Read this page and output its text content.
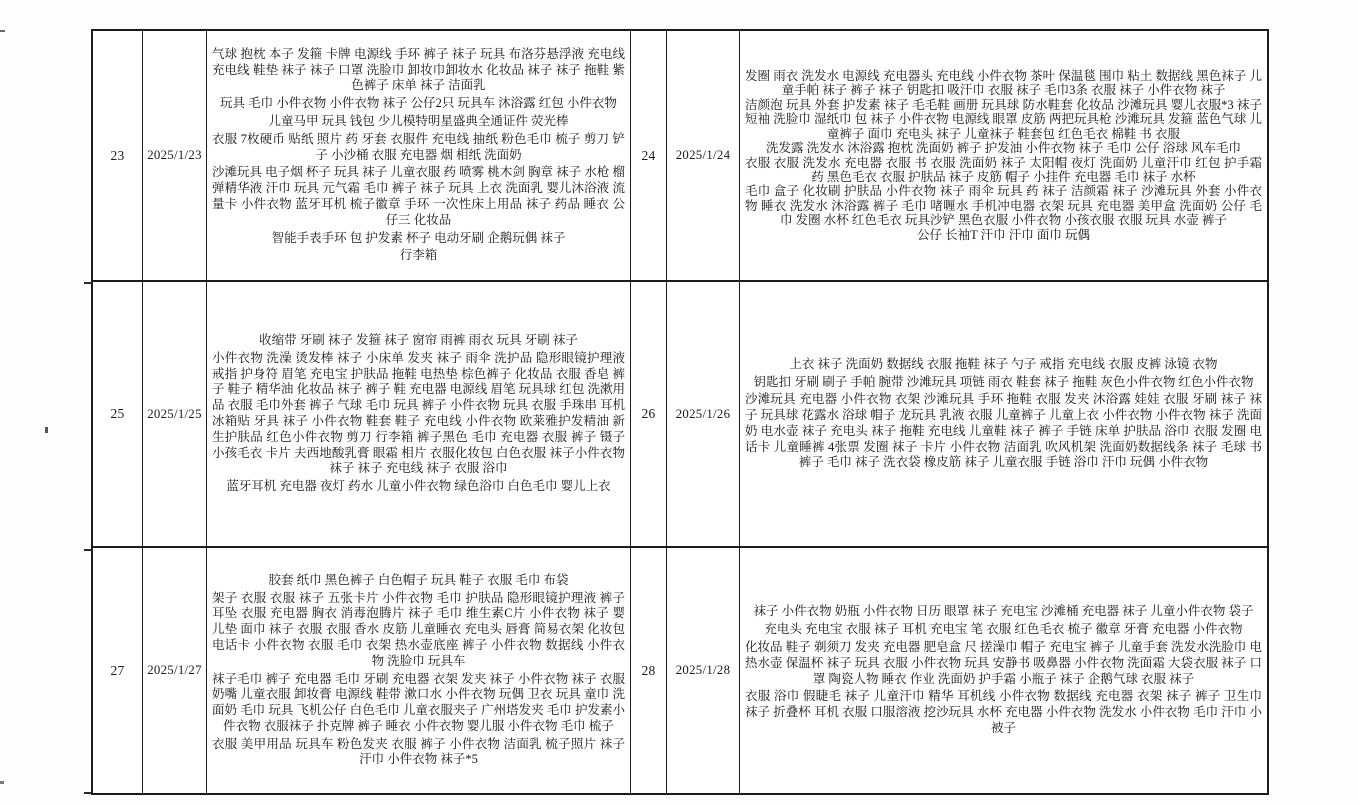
23 2025/1/23

气球 抱枕 本子 发箍 卡牌 电源线 手环 裤子 袜子 玩具 布洛芬悬浮液 充电线 充电线 鞋垫 袜子 袜子 口罩 洗脸巾 卸妆巾卸妆水 化妆品 袜子 袜子 拖鞋 紫色裤子 床单 袜子 洁面乳

玩具 毛巾 小件衣物 小件衣物 袜子 公仔2只 玩具车 沐浴露 红包 小件衣物

儿童马甲 玩具 钱包 少儿模特明星盛典全通证件 荧光棒

衣服 7枚硬币 贴纸 照片 药 牙套 衣服件 充电线 抽纸 粉色毛巾 梳子 剪刀 铲子 小沙桶 衣服 充电器 烟 相纸 洗面奶

沙滩玩具 电子烟 杯子 玩具 袜子 儿童衣服 药 喷雾 桃木剑 胸章 袜子 水枪 榴弹精华液 汗巾 玩具 元气霜 毛巾 裤子 袜子 玩具 上衣 洗面乳 婴儿沐浴液 流量卡 小件衣物 蓝牙耳机 梳子徽章 手环 一次性床上用品 袜子 药品 睡衣 公仔三 化妆品

智能手表手环 包 护发素 杯子 电动牙刷 企鹅玩偶 袜子

行李箱

24 2025/1/24

发圈 雨衣 洗发水 电源线 充电器头 充电线 小件衣物 茶叶 保温毯 围巾 粘土 数据线 黑色袜子 儿童手帕 袜子 裤子 袜子 钥匙扣 吸汗巾 衣服 袜子 毛巾3条 衣服 袜子 小件衣物 袜子

洁颜泡 玩具 外套 护发素 袜子 毛毛鞋 画册 玩具球 防水鞋套 化妆品 沙滩玩具 婴儿衣服*3 袜子 短袖 洗脸巾 湿纸巾 包 袜子 小件衣物 电源线 眼罩 皮筋 两把玩具枪 沙滩玩具 发箍 蓝色气球 儿童裤子 面巾 充电头 袜子 儿童袜子 鞋套包 红色毛衣 棉鞋 书 衣服

洗发露 洗发水 沐浴露 抱枕 洗面奶 裤子 护发油 小件衣物 袜子 毛巾 公仔 浴球 风车毛巾

衣服 衣服 洗发水 充电器 衣服 书 衣服 洗面奶 袜子 太阳帽 夜灯 洗面奶 儿童汗巾 红包 护手霜 药 黑色毛衣 衣服 护肤品 袜子 皮筋 帽子 小挂件 充电器 毛巾 袜子 水杯

毛巾 盒子 化妆刷 护肤品 小件衣物 袜子 雨伞 玩具 药 袜子 洁颜霜 袜子 沙滩玩具 外套 小件衣物 睡衣 洗发水 沐浴露 裤子 毛巾 啫喱水 手机冲电器 衣架 玩具 充电器 美甲盒 洗面奶 公仔 毛巾 发圈 水杯 红色毛衣 玩具沙铲 黑色衣服 小件衣物 小孩衣服 衣服 玩具 水壶 裤子

公仔 长袖T 汗巾 汗巾 面巾 玩偶

25 2025/1/25

收缩带 牙刷 袜子 发箍 袜子 窗帘 雨裤 雨衣 玩具 牙刷 袜子

小件衣物 洗澡 烫发棒 袜子 小床单 发夹 袜子 雨伞 洗护品 隐形眼镜护理液 戒指 护身符 眉笔 充电宝 护肤品 拖鞋 电热垫 棕色裤子 化妆品 衣服 香皂 裤子 鞋子 精华油 化妆品 袜子 裤子 鞋 充电器 电源线 眉笔 玩具球 红包 洗漱用品 衣服 毛巾外套 裤子 气球 毛巾 玩具 裤子 小件衣物 玩具 衣服 手珠串 耳机冰箱贴 牙具 袜子 小件衣物 鞋套 鞋子 充电线 小件衣物 欧莱雅护发精油 新生护肤品 红色小件衣物 剪刀 行李箱 裤子黑色 毛巾 充电器 衣服 裤子 镊子 小孩毛衣 卡片 夫西地酸乳膏 眼霜 相片 衣服化妆包 白色衣服 袜子小件衣物 袜子 袜子 充电线 袜子 衣服 浴巾

蓝牙耳机 充电器 夜灯 药水 儿童小件衣物 绿色浴巾 白色毛巾 婴儿上衣

26 2025/1/26

上衣 袜子 洗面奶 数据线 衣服 拖鞋 袜子 勺子 戒指 充电线 衣服 皮裤 泳镜 衣物

钥匙扣 牙刷 刷子 手帕 腕带 沙滩玩具 项链 雨衣 鞋套 袜子 拖鞋 灰色小件衣物 红色小件衣物

沙滩玩具 充电器 小件衣物 衣架 沙滩玩具 手环 拖鞋 衣服 发夹 沐浴露 娃娃 衣服 牙刷 袜子 袜子 玩具球 花露水 浴球 帽子 龙玩具 乳液 衣服 儿童裤子 儿童上衣 小件衣物 小件衣物 袜子 洗面奶 电水壶 袜子 充电头 袜子 拖鞋 充电线 儿童鞋 袜子 裤子 手链 床单 护肤品 浴巾 衣服 发圈 电话卡 儿童睡裤 4张票 发圈 袜子 卡片 小件衣物 洁面乳 吹风机架 洗面奶数据线条 袜子 毛球 书 裤子 毛巾 袜子 洗衣袋 橡皮筋 袜子 儿童衣服 手链 浴巾 汗巾 玩偶 小件衣物

27 2025/1/27

胶套 纸巾 黑色裤子 白色帽子 玩具 鞋子 衣服 毛巾 布袋

架子 衣服 衣服 袜子 五张卡片 小件衣物 毛巾 护肤品 隐形眼镜护理液 裤子 耳坠 衣服 充电器 胸衣 消毒泡腾片 袜子 毛巾 维生素C片 小件衣物 袜子 婴儿垫 面巾 袜子 衣服 衣服 香水 皮筋 儿童睡衣 充电头 唇膏 简易衣架 化妆包 电话卡 小件衣物 衣服 毛巾 衣架 热水壶底座 裤子 小件衣物 数据线 小件衣物 洗脸巾 玩具车

袜子毛巾 裤子 充电器 毛巾 牙刷 充电器 衣架 发夹 袜子 小件衣物 袜子 衣服 奶嘴 儿童衣服 卸妆膏 电源线 鞋带 漱口水 小件衣物 玩偶 卫衣 玩具 童巾 洗面奶 毛巾 玩具 飞机公仔 白色毛巾 儿童衣服夹子 广州塔发夹 毛巾 护发素小件衣物 衣服袜子 扑克牌 裤子 睡衣 小件衣物 婴儿服 小件衣物 毛巾 梳子

衣服 美甲用品 玩具车 粉色发夹 衣服 裤子 小件衣物 洁面乳 梳子照片 袜子 汗巾 小件衣物 袜子*5

28 2025/1/28

袜子 小件衣物 奶瓶 小件衣物 日历 眼罩 袜子 充电宝 沙滩桶 充电器 袜子 儿童小件衣物 袋子

充电头 充电宝 衣服 袜子 耳机 充电宝 笔 衣服 红色毛衣 梳子 徽章 牙膏 充电器 小件衣物

化妆品 鞋子 剃须刀 发夹 充电器 肥皂盒 尺 搓澡巾 帽子 充电宝 裤子 儿童手套 洗发水洗脸巾 电热水壶 保温杯 袜子 玩具 衣服 小件衣物 玩具 安静书 吸鼻器 小件衣物 洗面霜 大袋衣服 袜子 口罩 陶瓷人物 睡衣 作业 洗面奶 护手霜 小瓶子 袜子 企鹅气球 衣服 袜子

衣服 浴巾 假睫毛 袜子 儿童汗巾 精华 耳机线 小件衣物 数据线 充电器 衣架 袜子 裤子 卫生巾 袜子 折叠杯 耳机 衣服 口服溶液 挖沙玩具 水杯 充电器 小件衣物 洗发水 小件衣物 毛巾 汗巾 小被子
